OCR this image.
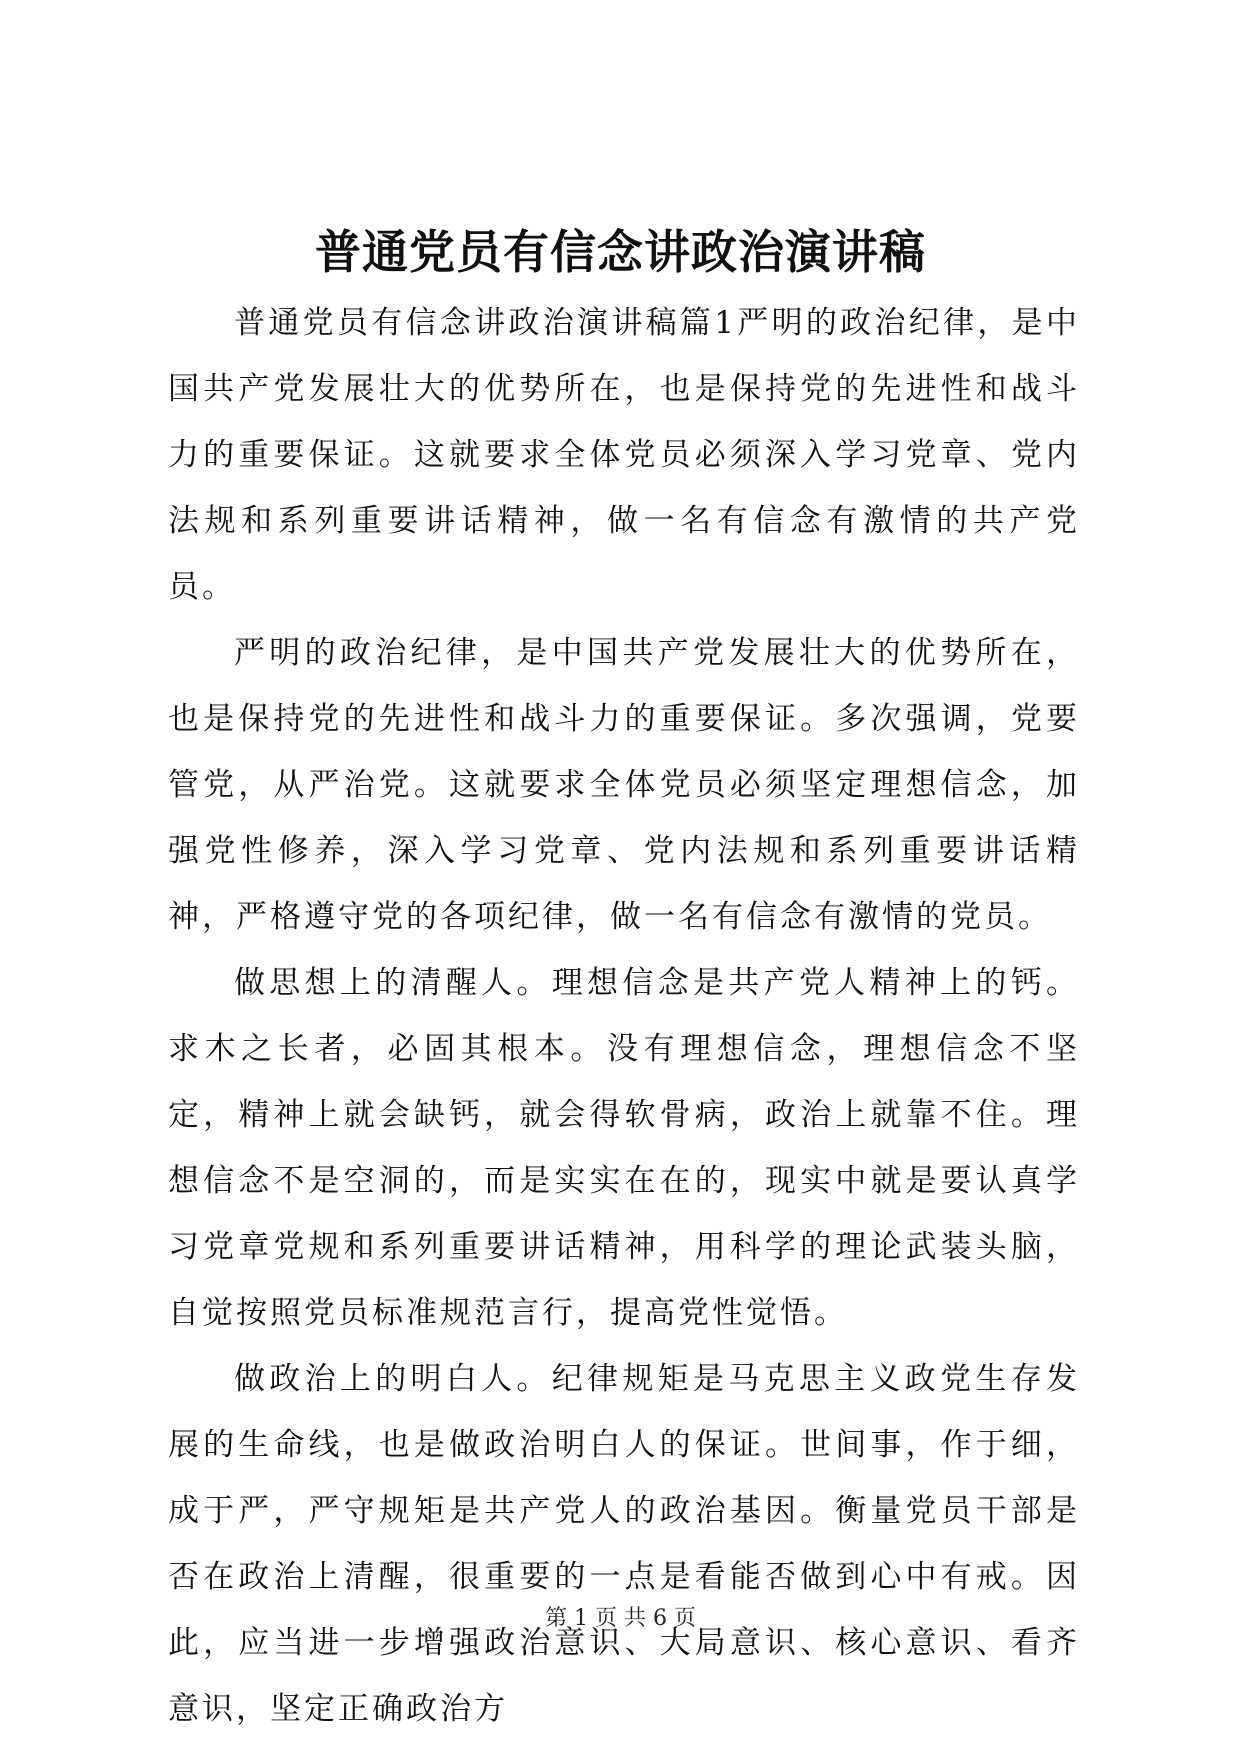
普通党员有信念讲政治演讲稿

普通党员有信念讲政治演讲稿篇1严明的政治纪律，是中国共产党发展壮大的优势所在，也是保持党的先进性和战斗力的重要保证。这就要求全体党员必须深入学习党章、党内法规和系列重要讲话精神，做一名有信念有激情的共产党员。

严明的政治纪律，是中国共产党发展壮大的优势所在，也是保持党的先进性和战斗力的重要保证。多次强调，党要管党，从严治党。这就要求全体党员必须坚定理想信念，加强党性修养，深入学习党章、党内法规和系列重要讲话精神，严格遵守党的各项纪律，做一名有信念有激情的党员。

做思想上的清醒人。理想信念是共产党人精神上的钙。求木之长者，必固其根本。没有理想信念，理想信念不坚定，精神上就会缺钙，就会得软骨病，政治上就靠不住。理想信念不是空洞的，而是实实在在的，现实中就是要认真学习党章党规和系列重要讲话精神，用科学的理论武装头脑，自觉按照党员标准规范言行，提高党性觉悟。

做政治上的明白人。纪律规矩是马克思主义政党生存发展的生命线，也是做政治明白人的保证。世间事，作于细，成于严，严守规矩是共产党人的政治基因。衡量党员干部是否在政治上清醒，很重要的一点是看能否做到心中有戒。因此，应当进一步增强政治意识、大局意识、核心意识、看齐意识，坚定正确政治方

第 1 页 共 6 页
